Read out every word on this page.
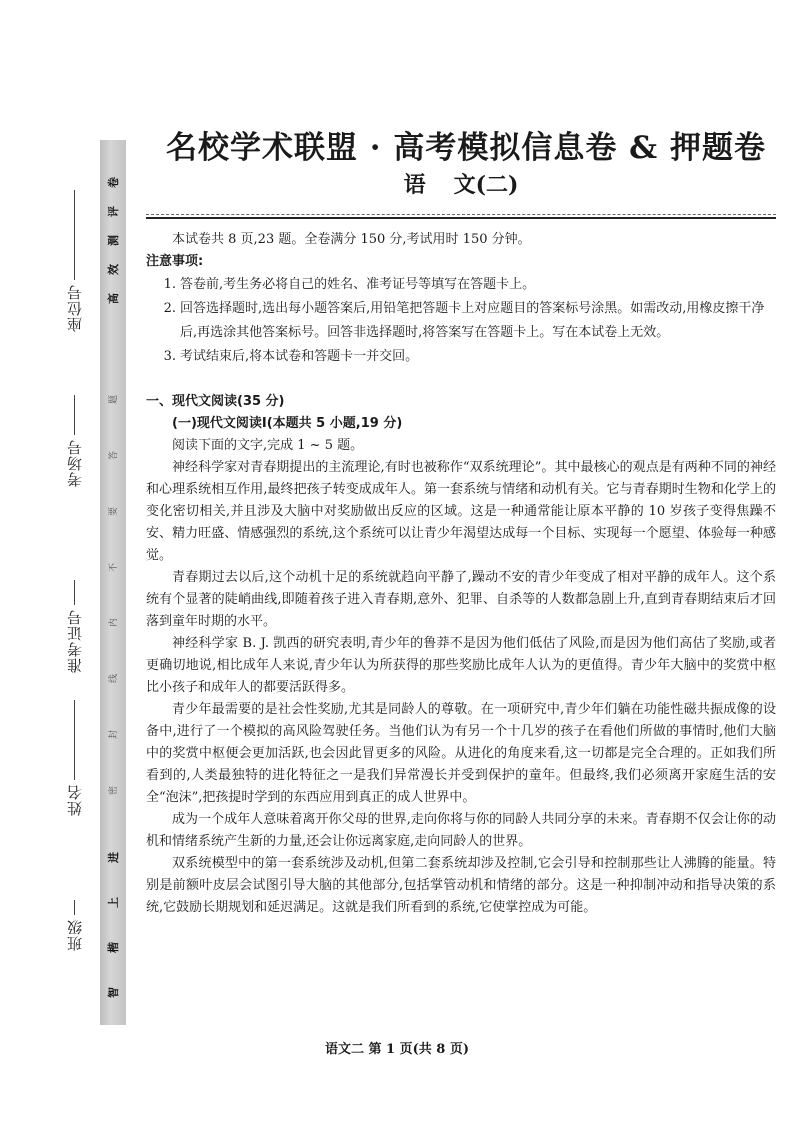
卷
评
测
效
高
进
上
楷
智
题
答
要
不
内
线
封
密
座位号
考场号
准考证号
姓名
班级
名校学术联盟 · 高考模拟信息卷 & 押题卷
语 文(二)
本试卷共 8 页,23 题。全卷满分 150 分,考试用时 150 分钟。
注意事项:
1. 答卷前,考生务必将自己的姓名、准考证号等填写在答题卡上。
2. 回答选择题时,选出每小题答案后,用铅笔把答题卡上对应题目的答案标号涂黑。如需改动,用橡皮擦干净后,再选涂其他答案标号。回答非选择题时,将答案写在答题卡上。写在本试卷上无效。
3. 考试结束后,将本试卷和答题卡一并交回。
一、现代文阅读(35 分)
(一)现代文阅读Ⅰ(本题共 5 小题,19 分)
阅读下面的文字,完成 1 ~ 5 题。

神经科学家对青春期提出的主流理论,有时也被称作“双系统理论”。其中最核心的观点是有两种不同的神经和心理系统相互作用,最终把孩子转变成成年人。第一套系统与情绪和动机有关。它与青春期时生物和化学上的变化密切相关,并且涉及大脑中对奖励做出反应的区域。这是一种通常能让原本平静的 10 岁孩子变得焦躁不安、精力旺盛、情感强烈的系统,这个系统可以让青少年渴望达成每一个目标、实现每一个愿望、体验每一种感觉。

青春期过去以后,这个动机十足的系统就趋向平静了,躁动不安的青少年变成了相对平静的成年人。这个系统有个显著的陡峭曲线,即随着孩子进入青春期,意外、犯罪、自杀等的人数都急剧上升,直到青春期结束后才回落到童年时期的水平。

神经科学家 B. J. 凯西的研究表明,青少年的鲁莽不是因为他们低估了风险,而是因为他们高估了奖励,或者更确切地说,相比成年人来说,青少年认为所获得的那些奖励比成年人认为的更值得。青少年大脑中的奖赏中枢比小孩子和成年人的都要活跃得多。

青少年最需要的是社会性奖励,尤其是同龄人的尊敬。在一项研究中,青少年们躺在功能性磁共振成像的设备中,进行了一个模拟的高风险驾驶任务。当他们认为有另一个十几岁的孩子在看他们所做的事情时,他们大脑中的奖赏中枢便会更加活跃,也会因此冒更多的风险。从进化的角度来看,这一切都是完全合理的。正如我们所看到的,人类最独特的进化特征之一是我们异常漫长并受到保护的童年。但最终,我们必须离开家庭生活的安全“泡沫”,把孩提时学到的东西应用到真正的成人世界中。

成为一个成年人意味着离开你父母的世界,走向你将与你的同龄人共同分享的未来。青春期不仅会让你的动机和情绪系统产生新的力量,还会让你远离家庭,走向同龄人的世界。

双系统模型中的第一套系统涉及动机,但第二套系统却涉及控制,它会引导和控制那些让人沸腾的能量。特别是前额叶皮层会试图引导大脑的其他部分,包括掌管动机和情绪的部分。这是一种抑制冲动和指导决策的系统,它鼓励长期规划和延迟满足。这就是我们所看到的系统,它使掌控成为可能。

语文二 第 1 页(共 8 页)
